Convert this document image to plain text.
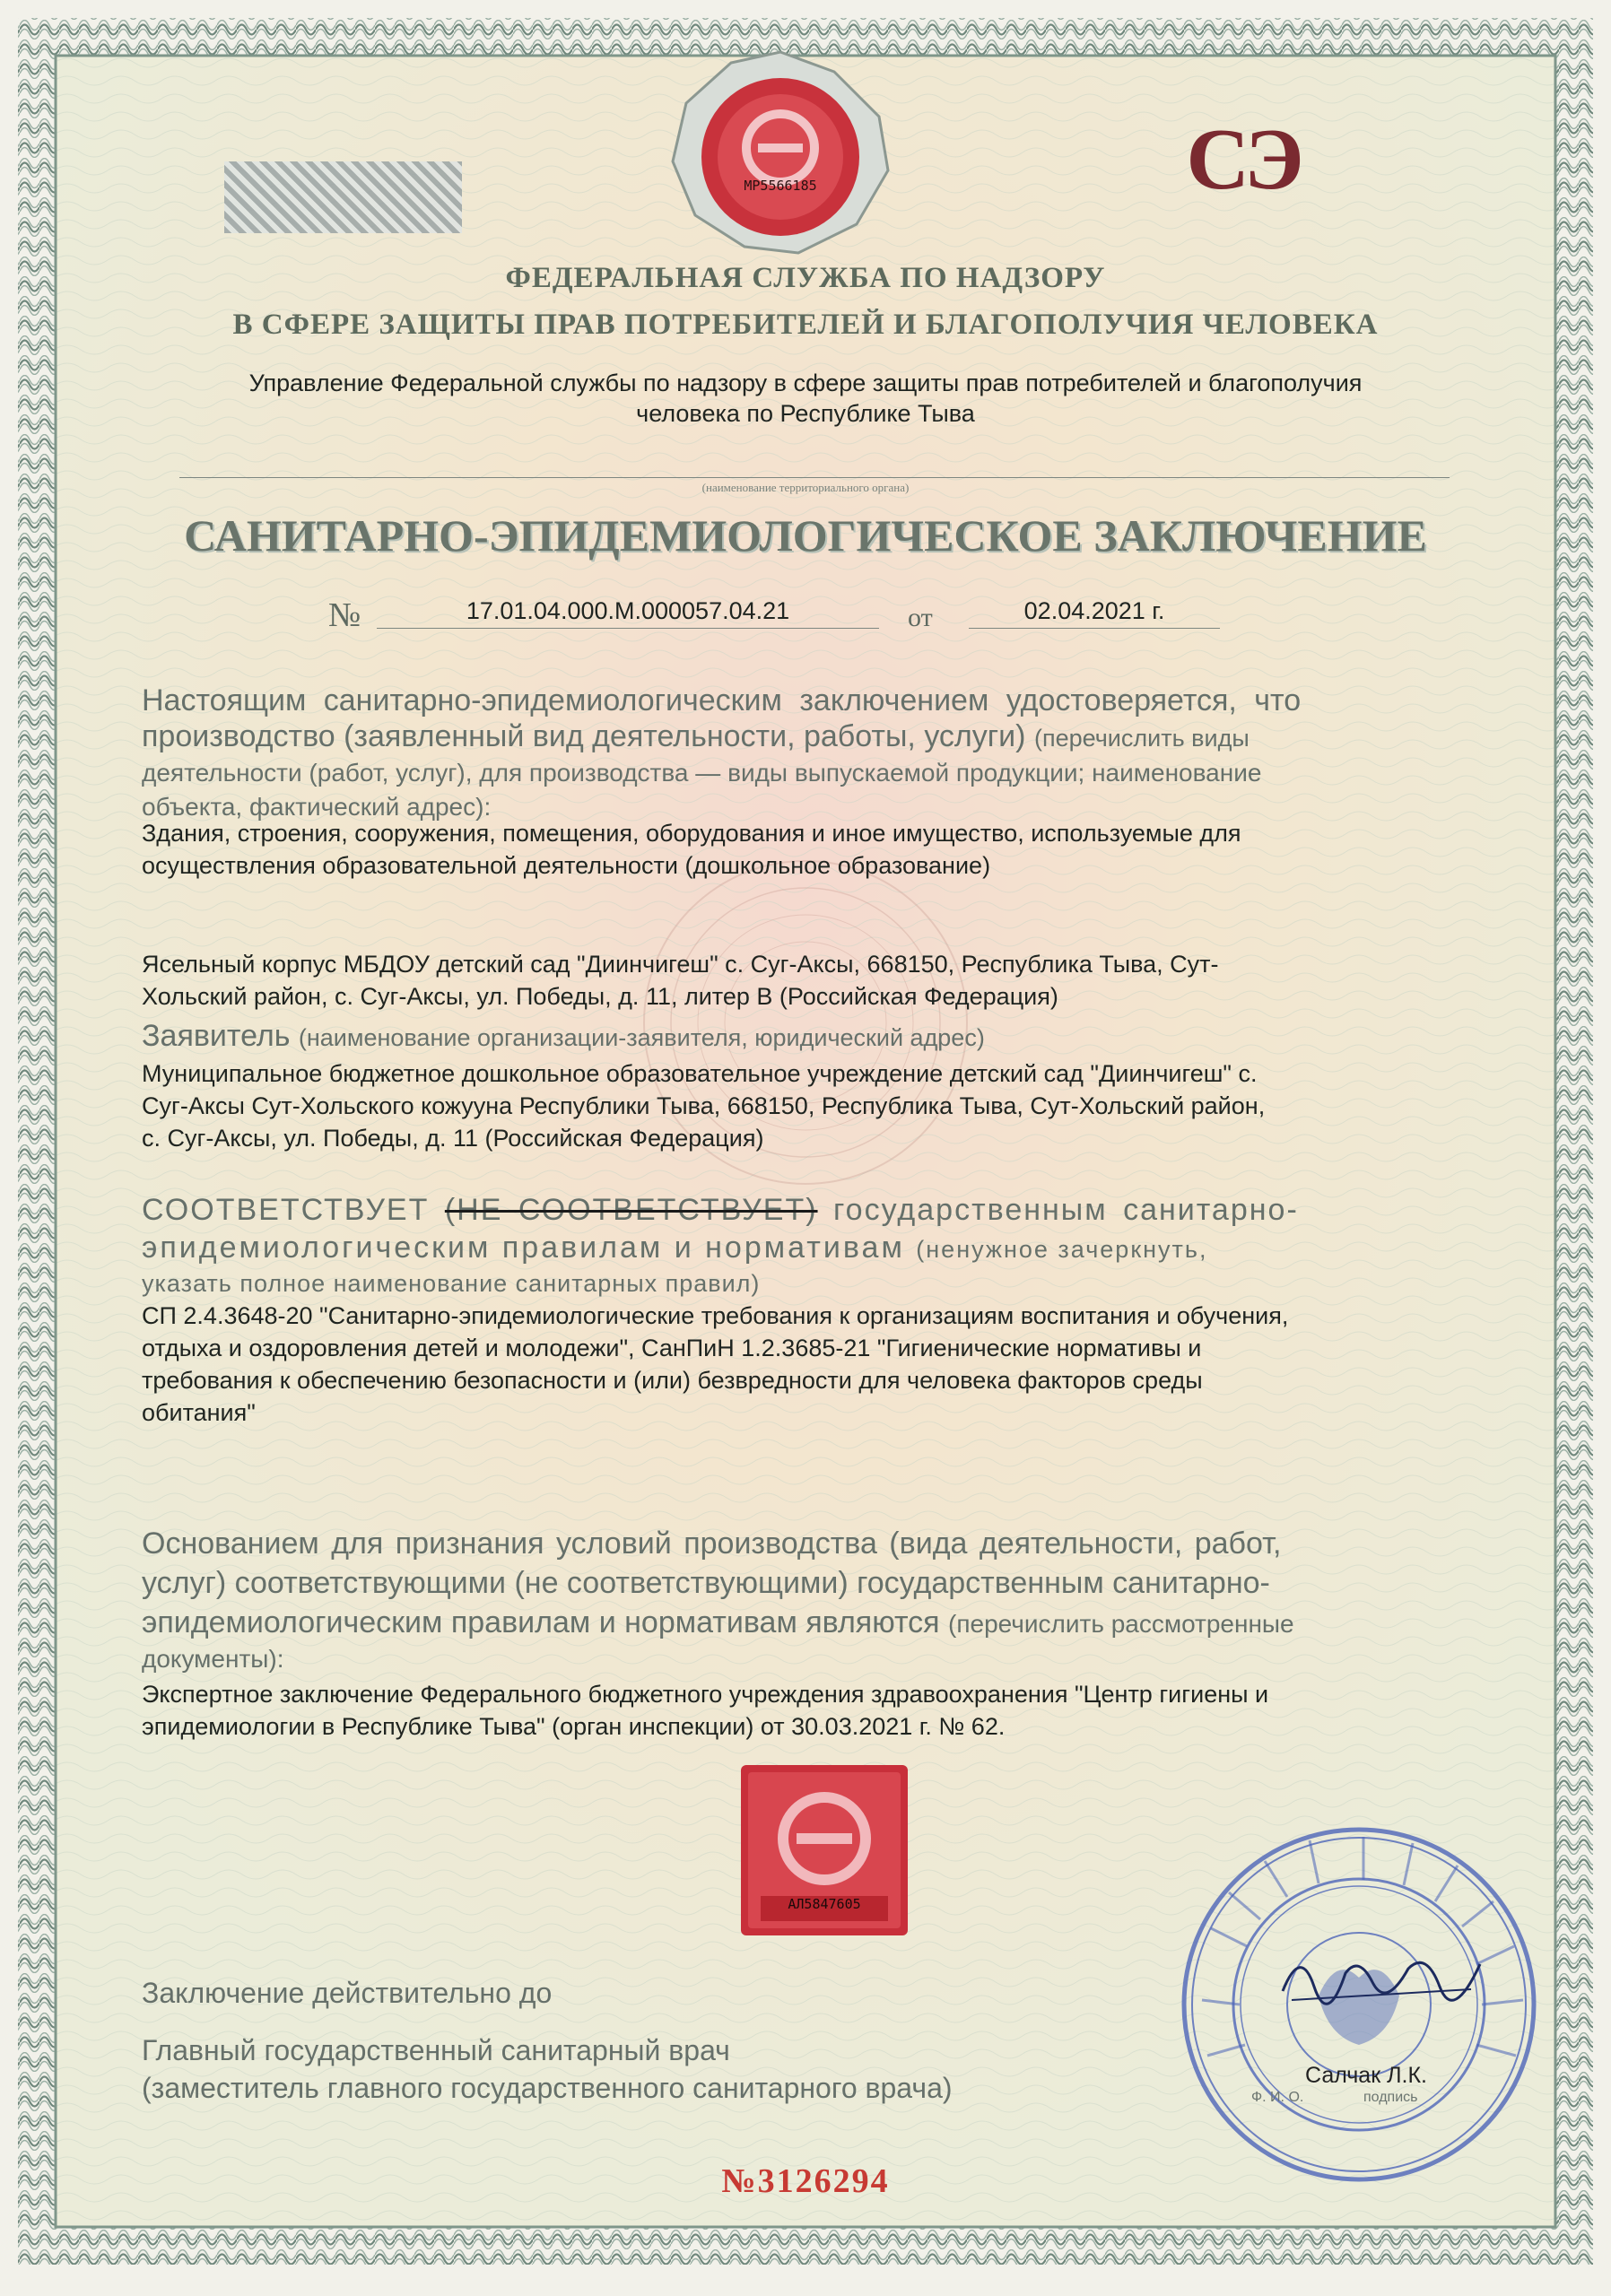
МР5566185	СЭ
ФЕДЕРАЛЬНАЯ СЛУЖБА ПО НАДЗОРУ
В СФЕРЕ ЗАЩИТЫ ПРАВ ПОТРЕБИТЕЛЕЙ И БЛАГОПОЛУЧИЯ ЧЕЛОВЕКА
Управление Федеральной службы по надзору в сфере защиты прав потребителей и благополучия
человека по Республике Тыва
(наименование территориального органа)
САНИТАРНО-ЭПИДЕМИОЛОГИЧЕСКОЕ ЗАКЛЮЧЕНИЕ
№	17.01.04.000.М.000057.04.21	от	02.04.2021 г.
Настоящим санитарно-эпидемиологическим заключением удостоверяется, что
производство (заявленный вид деятельности, работы, услуги) (перечислить виды
деятельности (работ, услуг), для производства — виды выпускаемой продукции; наименование
объекта, фактический адрес):
Здания, строения, сооружения, помещения, оборудования и иное имущество, используемые для
осуществления образовательной деятельности (дошкольное образование)
Ясельный корпус МБДОУ детский сад "Диинчигеш" с. Суг-Аксы, 668150, Республика Тыва, Сут-
Хольский район, с. Суг-Аксы, ул. Победы, д. 11, литер В (Российская Федерация)
Заявитель (наименование организации-заявителя, юридический адрес)
Муниципальное бюджетное дошкольное образовательное учреждение детский сад "Диинчигеш" с.
Суг-Аксы Сут-Хольского кожууна Республики Тыва, 668150, Республика Тыва, Сут-Хольский район,
с. Суг-Аксы, ул. Победы, д. 11 (Российская Федерация)
СООТВЕТСТВУЕТ (НЕ СООТВЕТСТВУЕТ) государственным санитарно-
эпидемиологическим правилам и нормативам (ненужное зачеркнуть,
указать полное наименование санитарных правил)
СП 2.4.3648-20 "Санитарно-эпидемиологические требования к организациям воспитания и обучения,
отдыха и оздоровления детей и молодежи", СанПиН 1.2.3685-21 "Гигиенические нормативы и
требования к обеспечению безопасности и (или) безвредности для человека факторов среды
обитания"
Основанием для признания условий производства (вида деятельности, работ,
услуг) соответствующими (не соответствующими) государственным санитарно-
эпидемиологическим правилам и нормативам являются (перечислить рассмотренные
документы):
Экспертное заключение Федерального бюджетного учреждения здравоохранения "Центр гигиены и
эпидемиологии в Республике Тыва" (орган инспекции) от 30.03.2021 г. № 62.
АЛ5847605
Заключение действительно до
Главный государственный санитарный врач
(заместитель главного государственного санитарного врача)	Салчак Л.К.
Ф. И. О.	подпись
№3126294
